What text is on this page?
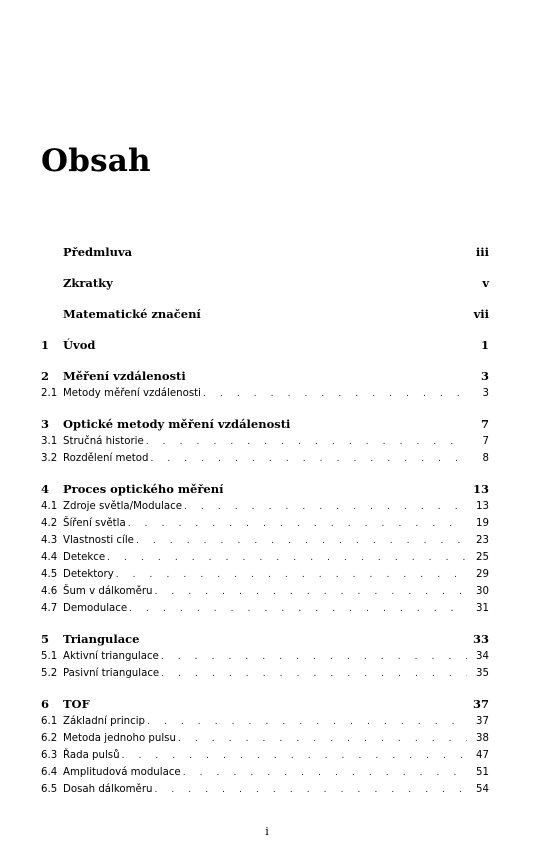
Obsah
Předmluva	iii
Zkratky	v
Matematické značení	vii
1	Úvod	1
2	Měření vzdálenosti	3
2.1 Metody měření vzdálenosti . . .	3
3	Optické metody měření vzdálenosti	7
3.1 Stručná historie . . .	7
3.2 Rozdělení metod . . .	8
4	Proces optického měření	13
4.1 Zdroje světla/Modulace . . .	13
4.2 Šíření světla . . .	19
4.3 Vlastnosti cíle . . .	23
4.4 Detekce . . .	25
4.5 Detektory . . .	29
4.6 Šum v dálkoměru . . .	30
4.7 Demodulace . . .	31
5	Triangulace	33
5.1 Aktivní triangulace . . .	34
5.2 Pasivní triangulace . . .	35
6	TOF	37
6.1 Základní princip . . .	37
6.2 Metoda jednoho pulsu . . .	38
6.3 Řada pulsů . . .	47
6.4 Amplitudová modulace . . .	51
6.5 Dosah dálkoměru . . .	54
i
